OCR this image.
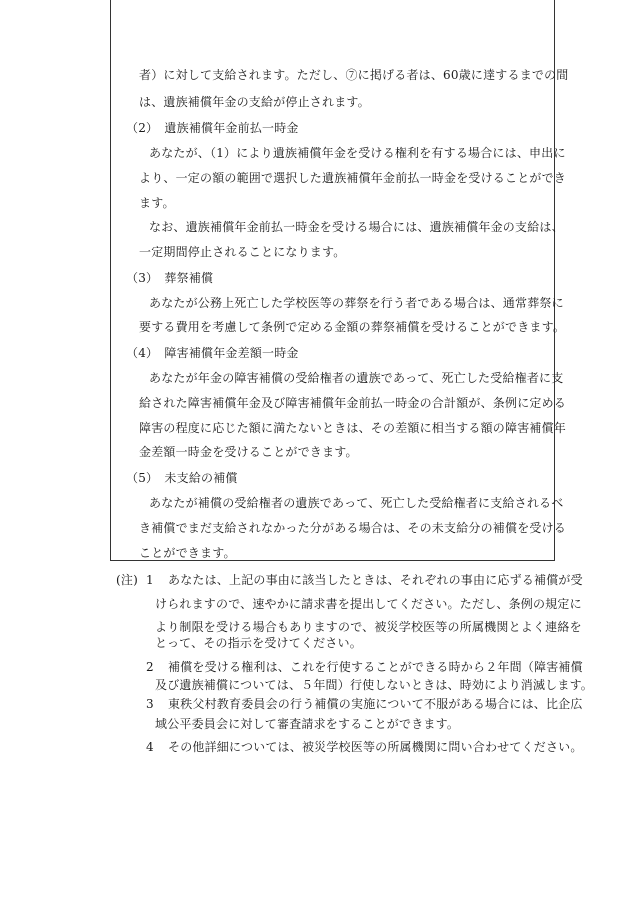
者）に対して支給されます。ただし、⑦に掲げる者は、60歳に達するまでの間
は、遺族補償年金の支給が停止されます。
（2）　遺族補償年金前払一時金
あなたが、（1）により遺族補償年金を受ける権利を有する場合には、申出に
より、一定の額の範囲で選択した遺族補償年金前払一時金を受けることができ
ます。
なお、遺族補償年金前払一時金を受ける場合には、遺族補償年金の支給は、
一定期間停止されることになります。
（3）　葬祭補償
あなたが公務上死亡した学校医等の葬祭を行う者である場合は、通常葬祭に
要する費用を考慮して条例で定める金額の葬祭補償を受けることができます。
（4）　障害補償年金差額一時金
あなたが年金の障害補償の受給権者の遺族であって、死亡した受給権者に支
給された障害補償年金及び障害補償年金前払一時金の合計額が、条例に定める
障害の程度に応じた額に満たないときは、その差額に相当する額の障害補償年
金差額一時金を受けることができます。
（5）　未支給の補償
あなたが補償の受給権者の遺族であって、死亡した受給権者に支給されるべ
き補償でまだ支給されなかった分がある場合は、その未支給分の補償を受ける
ことができます。
(注) 1 あなたは、上記の事由に該当したときは、それぞれの事由に応ずる補償が受
けられますので、速やかに請求書を提出してください。ただし、条例の規定に
より制限を受ける場合もありますので、被災学校医等の所属機関とよく連絡を
とって、その指示を受けてください。
2 補償を受ける権利は、これを行使することができる時から２年間（障害補償
及び遺族補償については、５年間）行使しないときは、時効により消滅します。
3 東秩父村教育委員会の行う補償の実施について不服がある場合には、比企広
域公平委員会に対して審査請求をすることができます。
4 その他詳細については、被災学校医等の所属機関に問い合わせてください。
